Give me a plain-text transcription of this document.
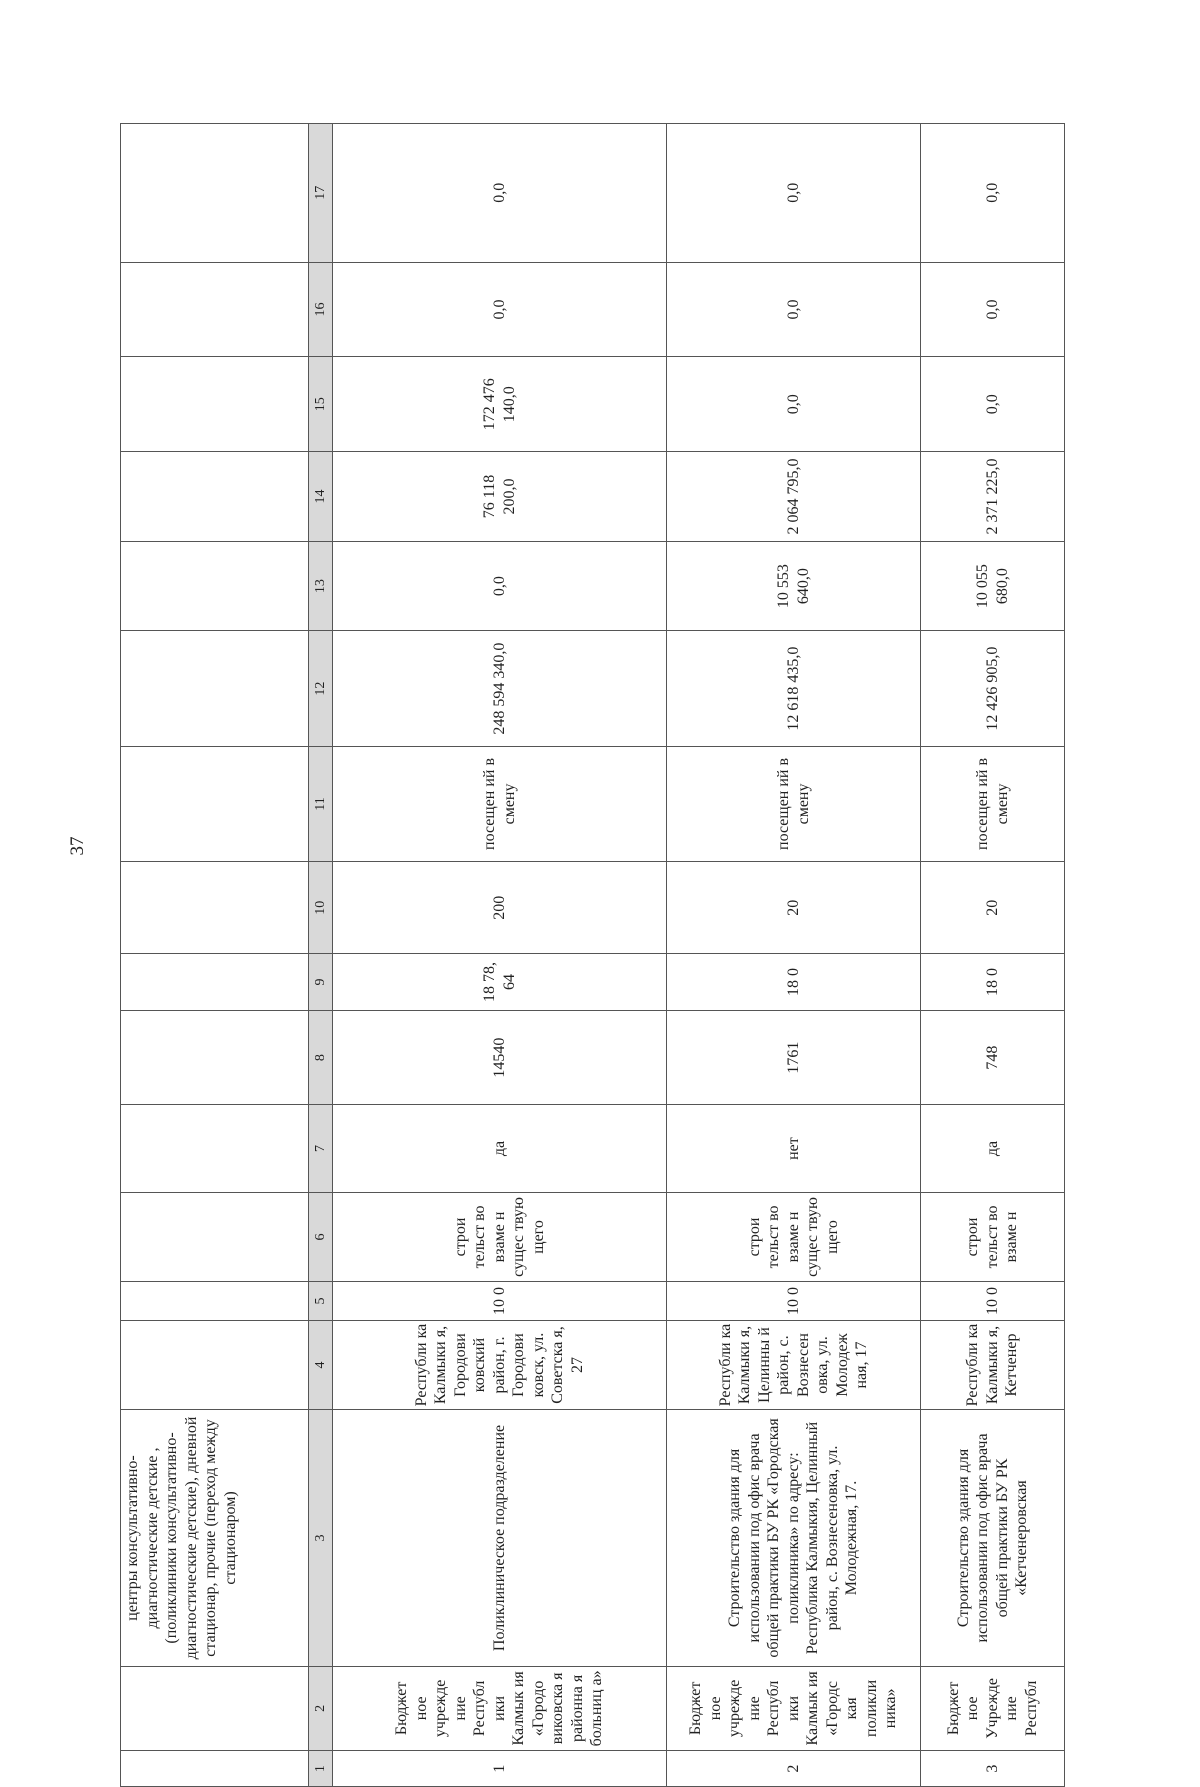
37
		центры консультативно-диагностические детские , (поликлиники консультативно-диагностические детские), дневной стационар, прочие (переход между стационаром)														
1	2	3	4	5	6	7	8	9	10	11	12	13	14	15	16	17
1	Бюджет ное учрежде ние Республ ики Калмык ия «Городо виковска я районна я больниц а»	Поликлиническое подразделение	Республи ка Калмыки я, Городови ковский район, г. Городови ковск, ул. Советска я, 27	10 0	строи тельст во взаме н сущес твую щего	да	14540	18 78, 64	200	посещен ий в смену	248 594 340,0	0,0	76 118 200,0	172 476 140,0	0,0	0,0
2	Бюджет ное учрежде ние Республ ики Калмык ия «Городс кая поликли ника»	Строительство здания для использовании под офис врача общей практики БУ РК «Городская поликлиника» по адресу: Республика Калмыкия, Целинный район, с. Вознесеновка, ул. Молодежная, 17.	Республи ка Калмыки я, Целинны й район, с. Вознесен овка, ул. Молодеж ная, 17	10 0	строи тельст во взаме н сущес твую щего	нет	1761	18 0	20	посещен ий в смену	12 618 435,0	10 553 640,0	2 064 795,0	0,0	0,0	0,0
3	Бюджет ное Учрежде ние Республ	Строительство здания для использовании под офис врача общей практики БУ РК «Кетченеровская	Республи ка Калмыки я, Кетченер	10 0	строи тельст во взаме н	да	748	18 0	20	посещен ий в смену	12 426 905,0	10 055 680,0	2 371 225,0	0,0	0,0	0,0
